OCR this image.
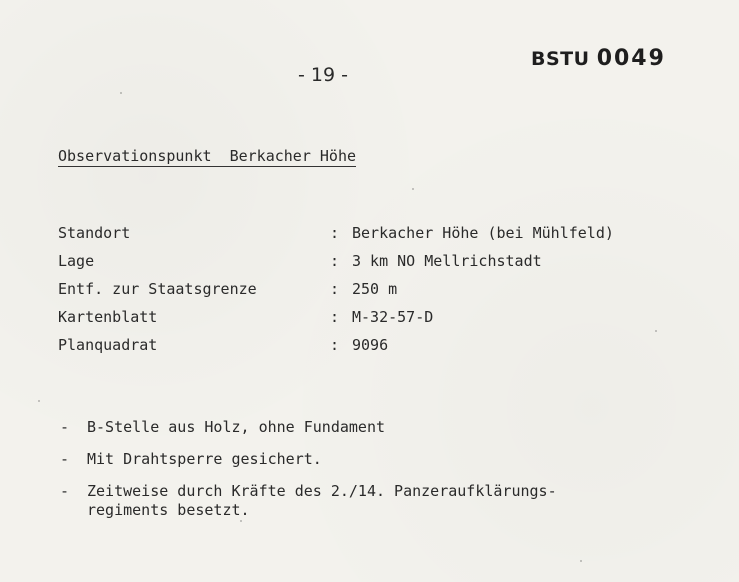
BSTU 0049
- 19 -
Observationspunkt  Berkacher Höhe
Standort	: Berkacher Höhe (bei Mühlfeld)
Lage	: 3 km NO Mellrichstadt
Entf. zur Staatsgrenze	: 250 m
Kartenblatt	: M-32-57-D
Planquadrat	: 9096
-	B-Stelle aus Holz, ohne Fundament
-	Mit Drahtsperre gesichert.
-	Zeitweise durch Kräfte des 2./14. Panzeraufklärungs-
regiments besetzt.
